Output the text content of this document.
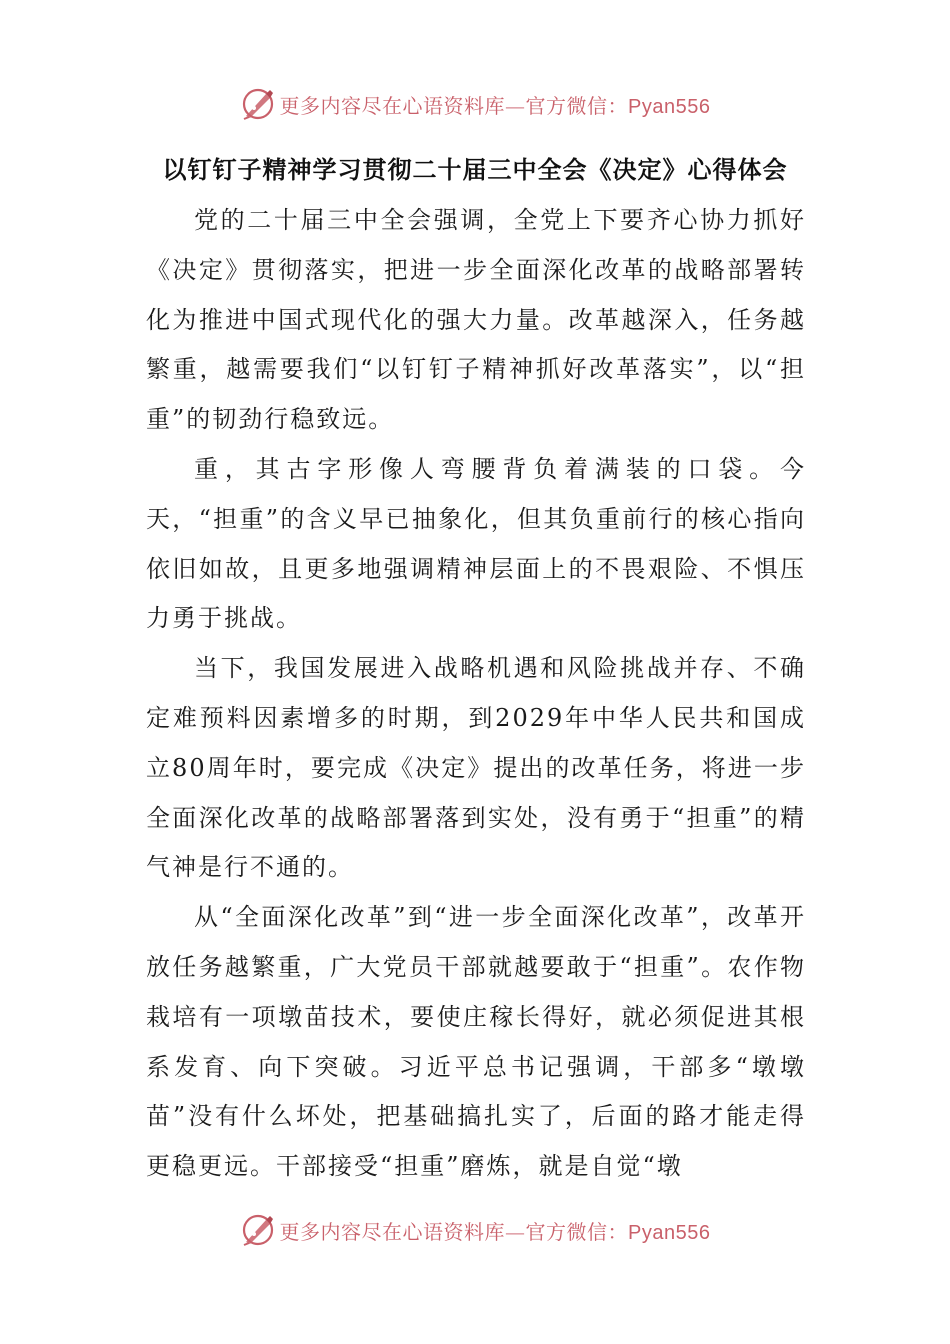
更多内容尽在心语资料库—官方微信：Pyan556
以钉钉子精神学习贯彻二十届三中全会《决定》心得体会

党的二十届三中全会强调，全党上下要齐心协力抓好《决定》贯彻落实，把进一步全面深化改革的战略部署转化为推进中国式现代化的强大力量。改革越深入，任务越繁重，越需要我们“以钉钉子精神抓好改革落实”，以“担重”的韧劲行稳致远。

重，其古字形像人弯腰背负着满装的口袋。今天，“担重”的含义早已抽象化，但其负重前行的核心指向依旧如故，且更多地强调精神层面上的不畏艰险、不惧压力勇于挑战。

当下，我国发展进入战略机遇和风险挑战并存、不确定难预料因素增多的时期，到2029年中华人民共和国成立80周年时，要完成《决定》提出的改革任务，将进一步全面深化改革的战略部署落到实处，没有勇于“担重”的精气神是行不通的。

从“全面深化改革”到“进一步全面深化改革”，改革开放任务越繁重，广大党员干部就越要敢于“担重”。农作物栽培有一项墩苗技术，要使庄稼长得好，就必须促进其根系发育、向下突破。习近平总书记强调，干部多“墩墩苗”没有什么坏处，把基础搞扎实了，后面的路才能走得更稳更远。干部接受“担重”磨炼，就是自觉“墩

更多内容尽在心语资料库—官方微信：Pyan556
